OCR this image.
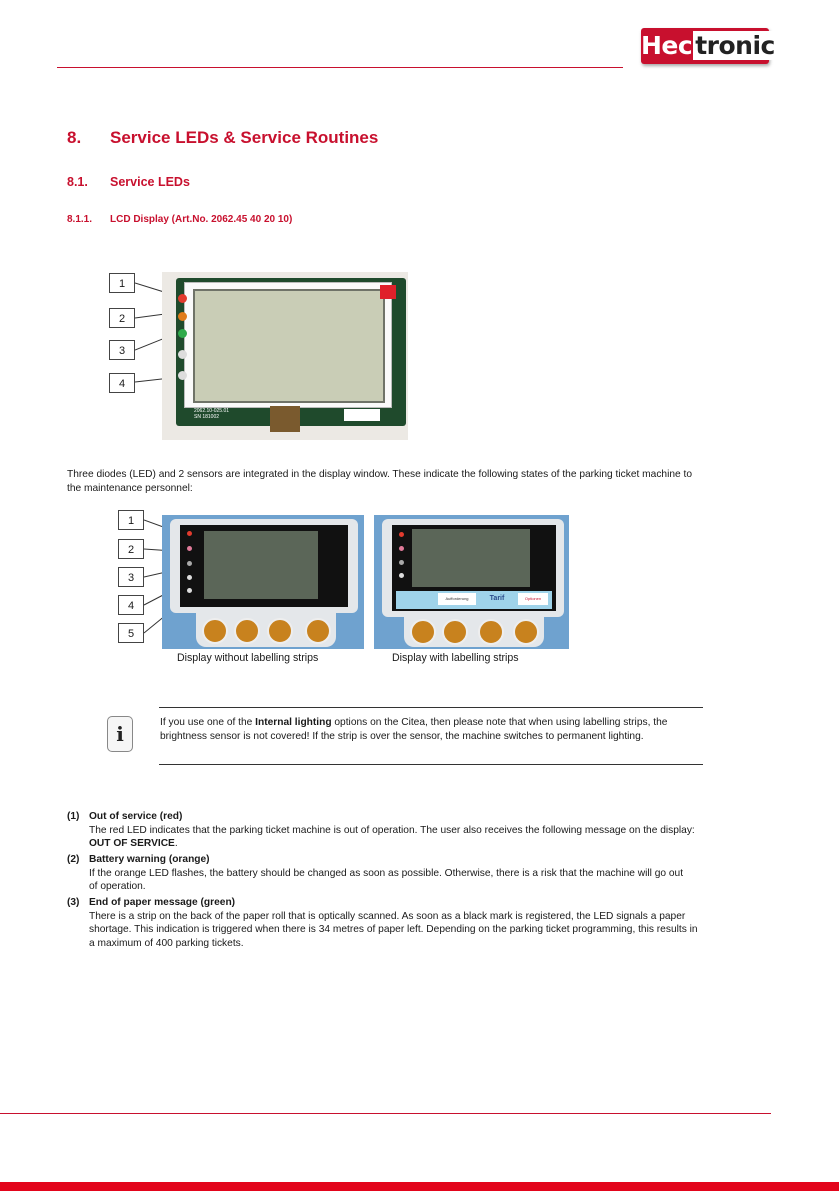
Hec tronic
8. Service LEDs & Service Routines
8.1. Service LEDs
8.1.1. LCD Display (Art.No. 2062.45 40 20 10)
1
2
3
4
2062.10-025.01
SN 181002
Three diodes (LED) and 2 sensors are integrated in the display window. These indicate the following states of the parking ticket machine to the maintenance personnel:
1
2
3
4
5
Aufforderung	Tarif	Optionen
Display without labelling strips	Display with labelling strips
i	If you use one of the Internal lighting options on the Citea, then please note that when using labelling strips, the brightness sensor is not covered! If the strip is over the sensor, the machine switches to permanent lighting.
(1) Out of service (red)
The red LED indicates that the parking ticket machine is out of operation. The user also receives the following message on the display: OUT OF SERVICE.
(2) Battery warning (orange)
If the orange LED flashes, the battery should be changed as soon as possible. Otherwise, there is a risk that the machine will go out of operation.
(3) End of paper message (green)
There is a strip on the back of the paper roll that is optically scanned. As soon as a black mark is registered, the LED signals a paper shortage. This indication is triggered when there is 34 metres of paper left. Depending on the parking ticket programming, this results in a maximum of 400 parking tickets.
